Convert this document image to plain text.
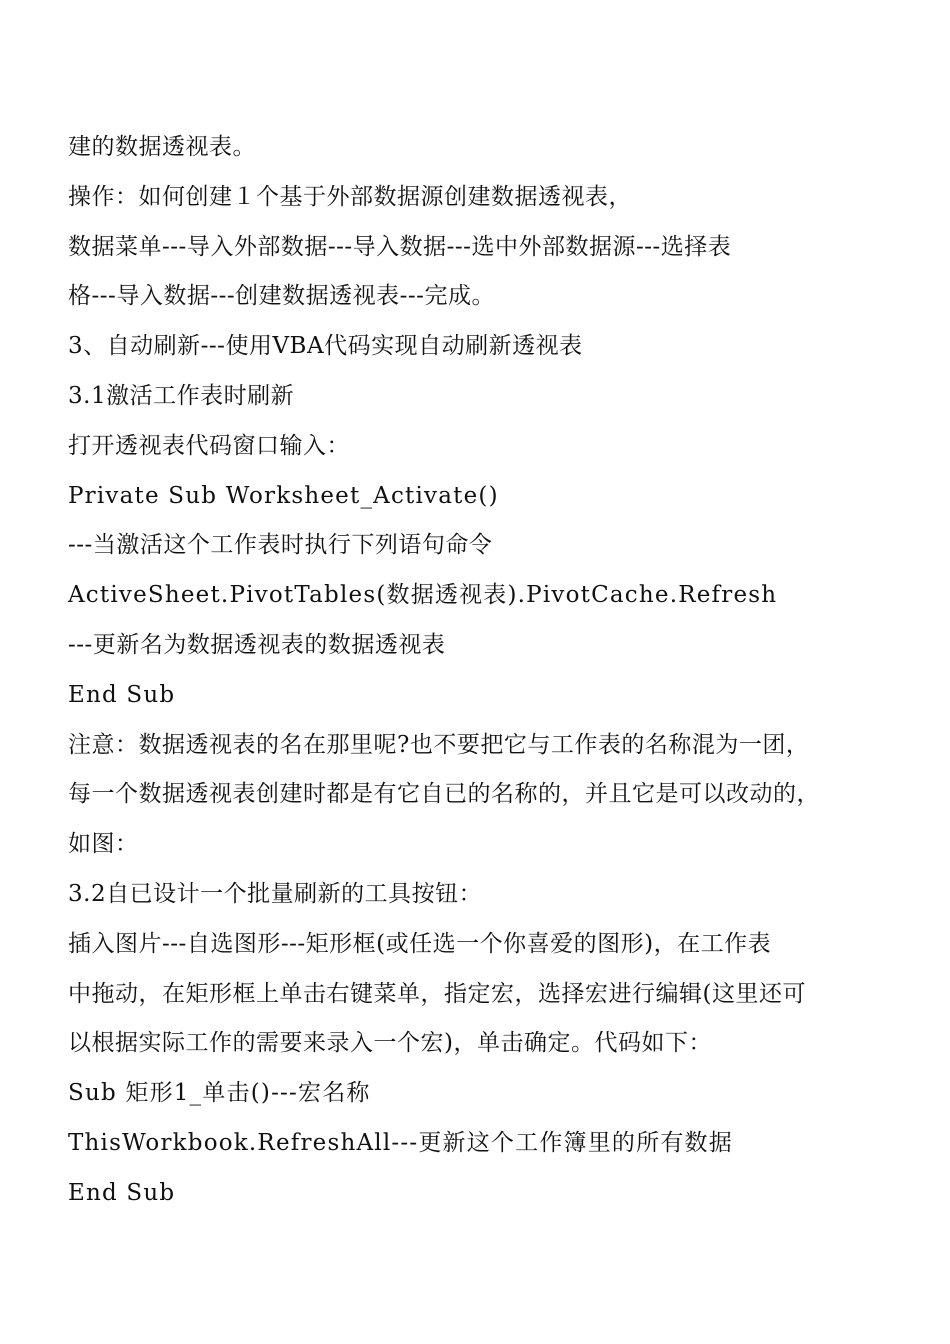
建的数据透视表。
操作：如何创建１个基于外部数据源创建数据透视表，
数据菜单---导入外部数据---导入数据---选中外部数据源---选择表
格---导入数据---创建数据透视表---完成。
3、自动刷新---使用VBA代码实现自动刷新透视表
3.1激活工作表时刷新
打开透视表代码窗口输入：
Private Sub Worksheet_Activate()
---当激活这个工作表时执行下列语句命令
ActiveSheet.PivotTables(数据透视表).PivotCache.Refresh
---更新名为数据透视表的数据透视表
End Sub
注意：数据透视表的名在那里呢?也不要把它与工作表的名称混为一团，
每一个数据透视表创建时都是有它自已的名称的，并且它是可以改动的，
如图：
3.2自已设计一个批量刷新的工具按钮：
插入图片---自选图形---矩形框(或任选一个你喜爱的图形)，在工作表
中拖动，在矩形框上单击右键菜单，指定宏，选择宏进行编辑(这里还可
以根据实际工作的需要来录入一个宏)，单击确定。代码如下：
Sub 矩形1_单击()---宏名称
ThisWorkbook.RefreshAll---更新这个工作簿里的所有数据
End Sub
